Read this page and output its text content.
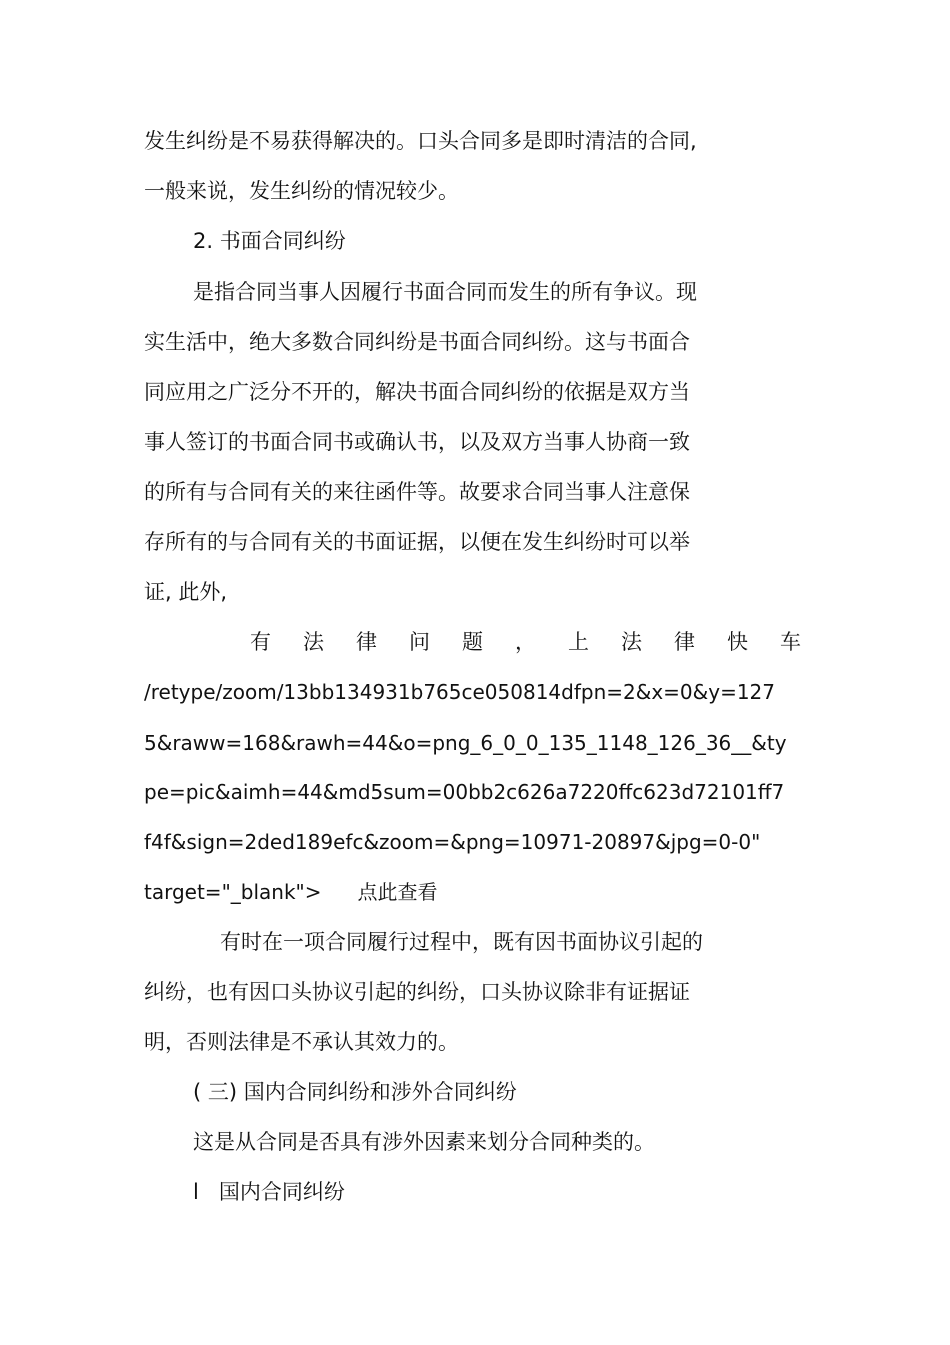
发生纠纷是不易获得解决的。口头合同多是即时清洁的合同,

一般来说，发生纠纷的情况较少。

2. 书面合同纠纷

是指合同当事人因履行书面合同而发生的所有争议。现

实生活中，绝大多数合同纠纷是书面合同纠纷。这与书面合

同应用之广泛分不开的，解决书面合同纠纷的依据是双方当

事人签订的书面合同书或确认书，以及双方当事人协商一致

的所有与合同有关的来往函件等。故要求合同当事人注意保

存所有的与合同有关的书面证据，以便在发生纠纷时可以举

证, 此外,

有法律问题，上法律快车

/retype/zoom/13bb134931b765ce050814dfpn=2&x=0&y=127

5&raww=168&rawh=44&o=png_6_0_0_135_1148_126_36__&ty

pe=pic&aimh=44&md5sum=00bb2c626a7220ffc623d72101ff7

f4f&sign=2ded189efc&zoom=&png=10971-20897&jpg=0-0"

target="_blank"> 点此查看

有时在一项合同履行过程中，既有因书面协议引起的

纠纷，也有因口头协议引起的纠纷，口头协议除非有证据证

明，否则法律是不承认其效力的。

( 三) 国内合同纠纷和涉外合同纠纷

这是从合同是否具有涉外因素来划分合同种类的。

l   国内合同纠纷
